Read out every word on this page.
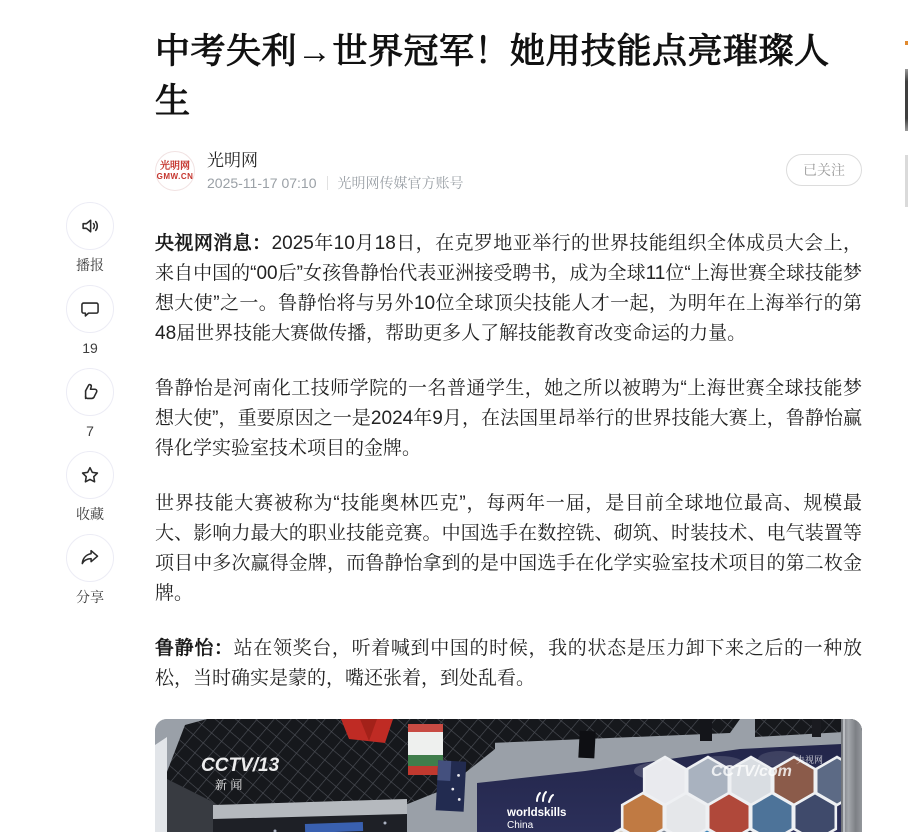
播报
19
7
收藏
分享
中考失利→世界冠军！她用技能点亮璀璨人生
光明网
GMW.CN
光明网
2025-11-17 07:10 光明网传媒官方账号
已关注

央视网消息：2025年10月18日，在克罗地亚举行的世界技能组织全体成员大会上，来自中国的“00后”女孩鲁静怡代表亚洲接受聘书，成为全球11位“上海世赛全球技能梦想大使”之一。鲁静怡将与另外10位全球顶尖技能人才一起，为明年在上海举行的第48届世界技能大赛做传播，帮助更多人了解技能教育改变命运的力量。

鲁静怡是河南化工技师学院的一名普通学生，她之所以被聘为“上海世赛全球技能梦想大使”，重要原因之一是2024年9月，在法国里昂举行的世界技能大赛上，鲁静怡赢得化学实验室技术项目的金牌。

世界技能大赛被称为“技能奥林匹克”，每两年一届，是目前全球地位最高、规模最大、影响力最大的职业技能竞赛。中国选手在数控铣、砌筑、时装技术、电气装置等项目中多次赢得金牌，而鲁静怡拿到的是中国选手在化学实验室技术项目的第二枚金牌。

鲁静怡：站在领奖台，听着喊到中国的时候，我的状态是压力卸下来之后的一种放松，当时确实是蒙的，嘴还张着，到处乱看。

worldskills
China
CCTV/com
央视网
CCTV/13
新 闻
